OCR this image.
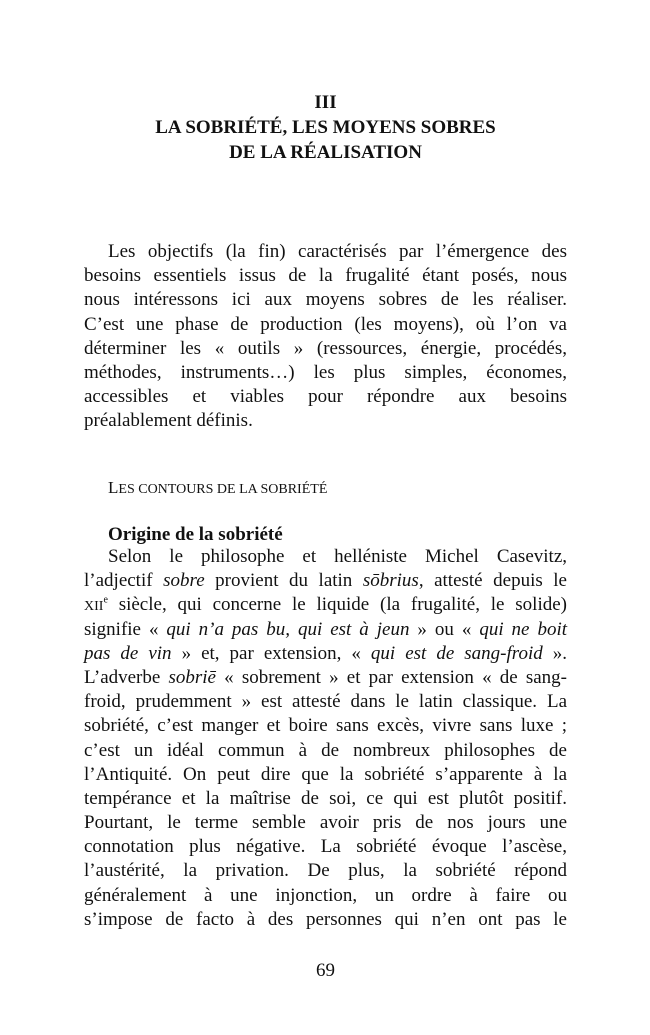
III
LA SOBRIÉTÉ, LES MOYENS SOBRES
DE LA RÉALISATION
Les objectifs (la fin) caractérisés par l’émergence des
besoins essentiels issus de la frugalité étant posés, nous
nous intéressons ici aux moyens sobres de les réaliser.
C’est une phase de production (les moyens), où l’on va
déterminer les « outils » (ressources, énergie, procédés,
méthodes, instruments…) les plus simples, économes,
accessibles et viables pour répondre aux besoins
préalablement définis.
LES CONTOURS DE LA SOBRIÉTÉ
Origine de la sobriété
Selon le philosophe et helléniste Michel Casevitz,
l’adjectif sobre provient du latin sōbrius, attesté depuis le
XIIe siècle, qui concerne le liquide (la frugalité, le solide)
signifie « qui n’a pas bu, qui est à jeun » ou « qui ne boit
pas de vin » et, par extension, « qui est de sang-froid ».
L’adverbe sobriē « sobrement » et par extension « de sang-
froid, prudemment » est attesté dans le latin classique. La
sobriété, c’est manger et boire sans excès, vivre sans luxe ;
c’est un idéal commun à de nombreux philosophes de
l’Antiquité. On peut dire que la sobriété s’apparente à la
tempérance et la maîtrise de soi, ce qui est plutôt positif.
Pourtant, le terme semble avoir pris de nos jours une
connotation plus négative. La sobriété évoque l’ascèse,
l’austérité, la privation. De plus, la sobriété répond
généralement à une injonction, un ordre à faire ou
s’impose de facto à des personnes qui n’en ont pas le
69
